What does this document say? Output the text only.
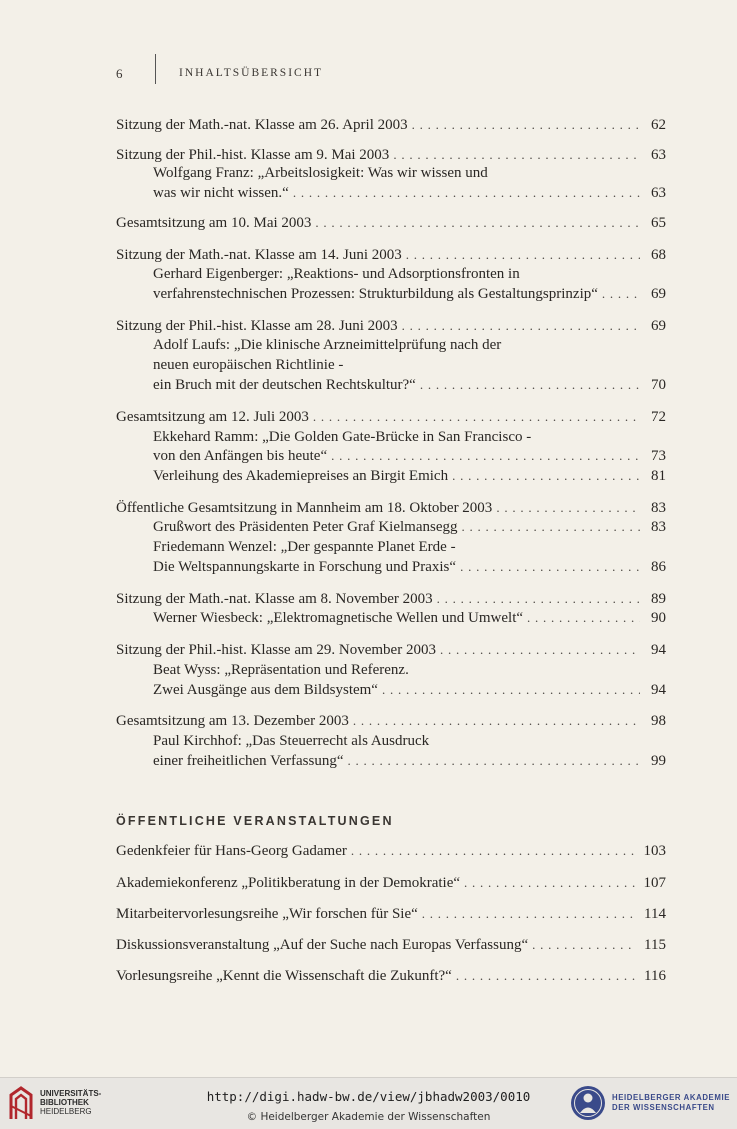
6	INHALTSÜBERSICHT
Sitzung der Math.-nat. Klasse am 26. April 2003 . . .	62
Sitzung der Phil.-hist. Klasse am 9. Mai 2003 . . .	63
Wolfgang Franz: „Arbeitslosigkeit: Was wir wissen und
was wir nicht wissen.“ . . .	63
Gesamtsitzung am 10. Mai 2003 . . .	65
Sitzung der Math.-nat. Klasse am 14. Juni 2003 . . .	68
Gerhard Eigenberger: „Reaktions- und Adsorptionsfronten in
verfahrenstechnischen Prozessen: Strukturbildung als Gestaltungsprinzip“ . . .	69
Sitzung der Phil.-hist. Klasse am 28. Juni 2003 . . .	69
Adolf Laufs: „Die klinische Arzneimittelprüfung nach der
neuen europäischen Richtlinie -
ein Bruch mit der deutschen Rechtskultur?“ . . .	70
Gesamtsitzung am 12. Juli 2003 . . .	72
Ekkehard Ramm: „Die Golden Gate-Brücke in San Francisco -
von den Anfängen bis heute“ . . .	73
Verleihung des Akademiepreises an Birgit Emich . . .	81
Öffentliche Gesamtsitzung in Mannheim am 18. Oktober 2003 . . .	83
Grußwort des Präsidenten Peter Graf Kielmansegg . . .	83
Friedemann Wenzel: „Der gespannte Planet Erde -
Die Weltspannungskarte in Forschung und Praxis“ . . .	86
Sitzung der Math.-nat. Klasse am 8. November 2003 . . .	89
Werner Wiesbeck: „Elektromagnetische Wellen und Umwelt“ . . .	90
Sitzung der Phil.-hist. Klasse am 29. November 2003 . . .	94
Beat Wyss: „Repräsentation und Referenz.
Zwei Ausgänge aus dem Bildsystem“ . . .	94
Gesamtsitzung am 13. Dezember 2003 . . .	98
Paul Kirchhof: „Das Steuerrecht als Ausdruck
einer freiheitlichen Verfassung“ . . .	99
ÖFFENTLICHE VERANSTALTUNGEN
Gedenkfeier für Hans-Georg Gadamer . . .	103
Akademiekonferenz „Politikberatung in der Demokratie“ . . .	107
Mitarbeitervorlesungsreihe „Wir forschen für Sie“ . . .	114
Diskussionsveranstaltung „Auf der Suche nach Europas Verfassung“ . . .	115
Vorlesungsreihe „Kennt die Wissenschaft die Zukunft?“ . . .	116
UNIVERSITÄTS-
BIBLIOTHEK
HEIDELBERG
http://digi.hadw-bw.de/view/jbhadw2003/0010
© Heidelberger Akademie der Wissenschaften
HEIDELBERGER AKADEMIE
DER WISSENSCHAFTEN
